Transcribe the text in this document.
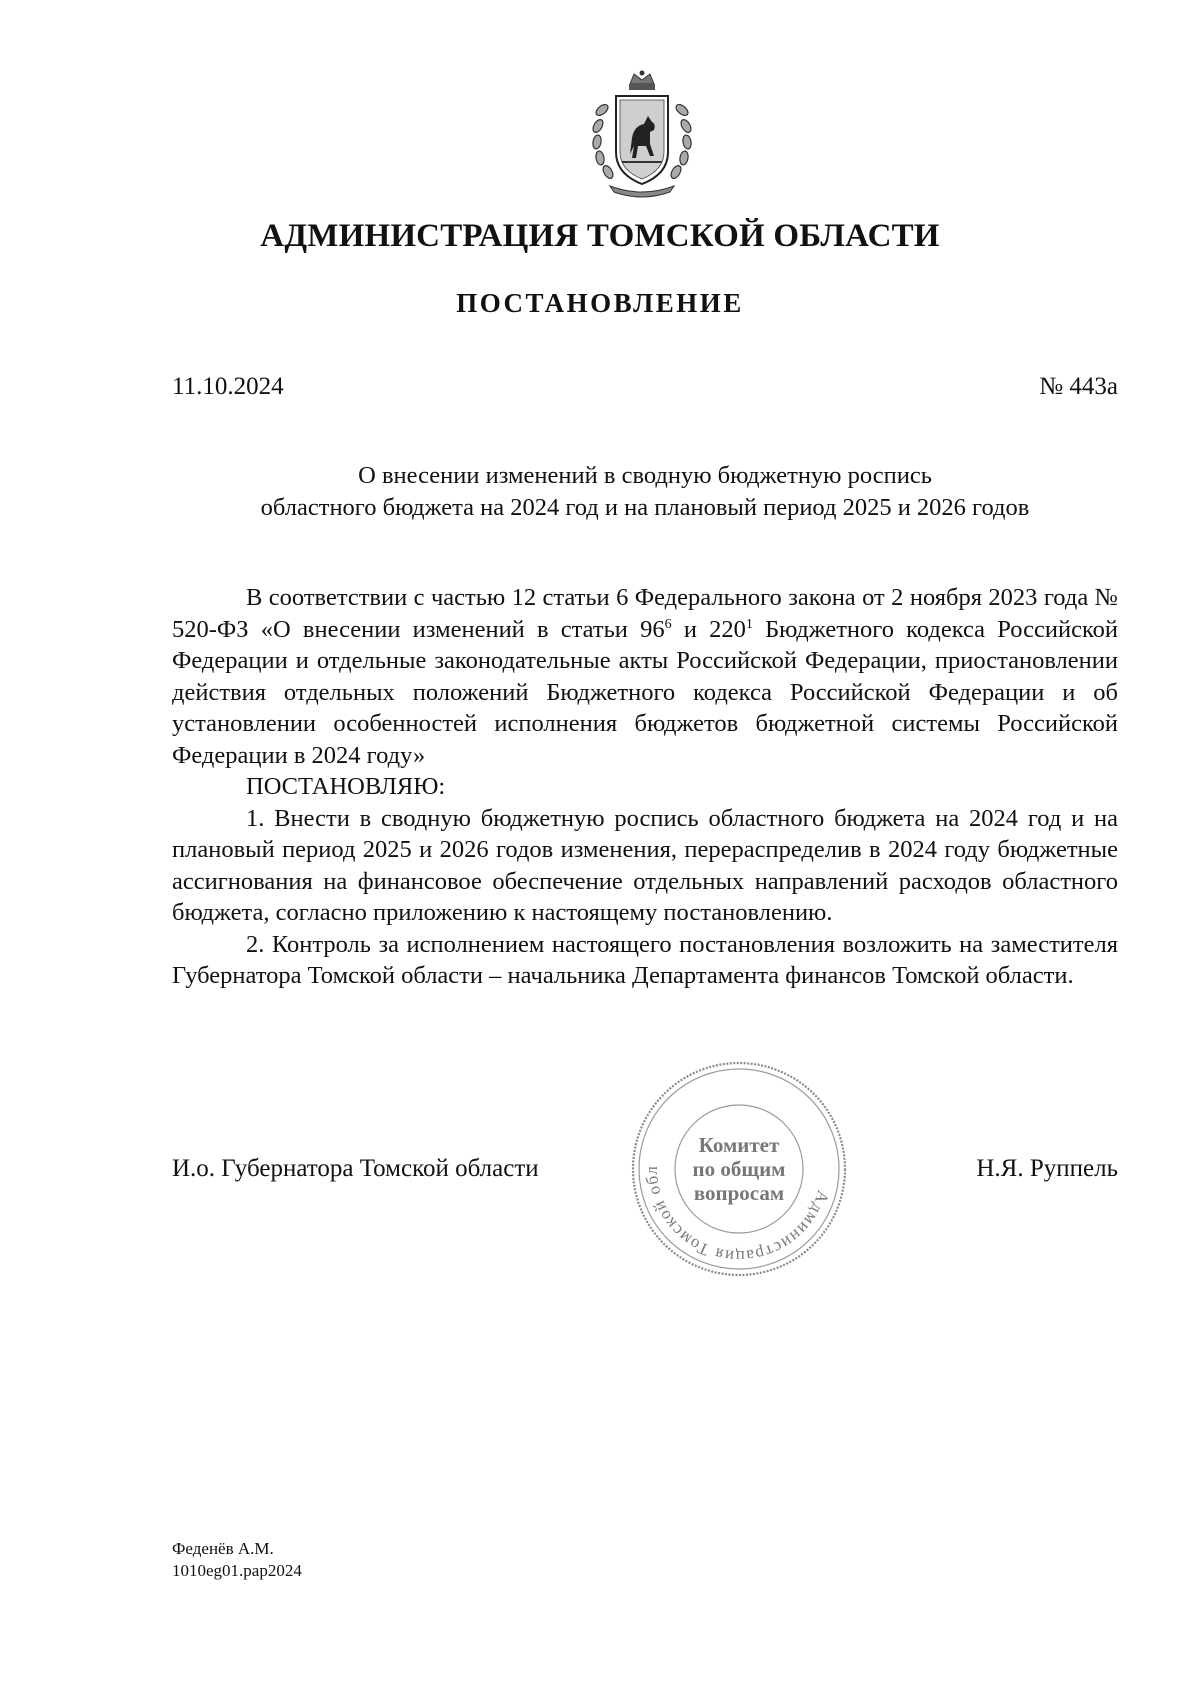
АДМИНИСТРАЦИЯ ТОМСКОЙ ОБЛАСТИ
ПОСТАНОВЛЕНИЕ
11.10.2024	№ 443а
О внесении изменений в сводную бюджетную роспись
областного бюджета на 2024 год и на плановый период 2025 и 2026 годов

В соответствии с частью 12 статьи 6 Федерального закона от 2 ноября 2023 года № 520-ФЗ «О внесении изменений в статьи $96^6$ и $220^1$ Бюджетного кодекса Российской Федерации и отдельные законодательные акты Российской Федерации, приостановлении действия отдельных положений Бюджетного кодекса Российской Федерации и об установлении особенностей исполнения бюджетов бюджетной системы Российской Федерации в 2024 году»

ПОСТАНОВЛЯЮ:

1. Внести в сводную бюджетную роспись областного бюджета на 2024 год и на плановый период 2025 и 2026 годов изменения, перераспределив в 2024 году бюджетные ассигнования на финансовое обеспечение отдельных направлений расходов областного бюджета, согласно приложению к настоящему постановлению.

2. Контроль за исполнением настоящего постановления возложить на заместителя Губернатора Томской области – начальника Департамента финансов Томской области.

И.о. Губернатора Томской области
Администрация Томской обл
Комитет
по общим
вопросам
Н.Я. Руппель
Феденёв А.М.
1010eg01.pap2024
